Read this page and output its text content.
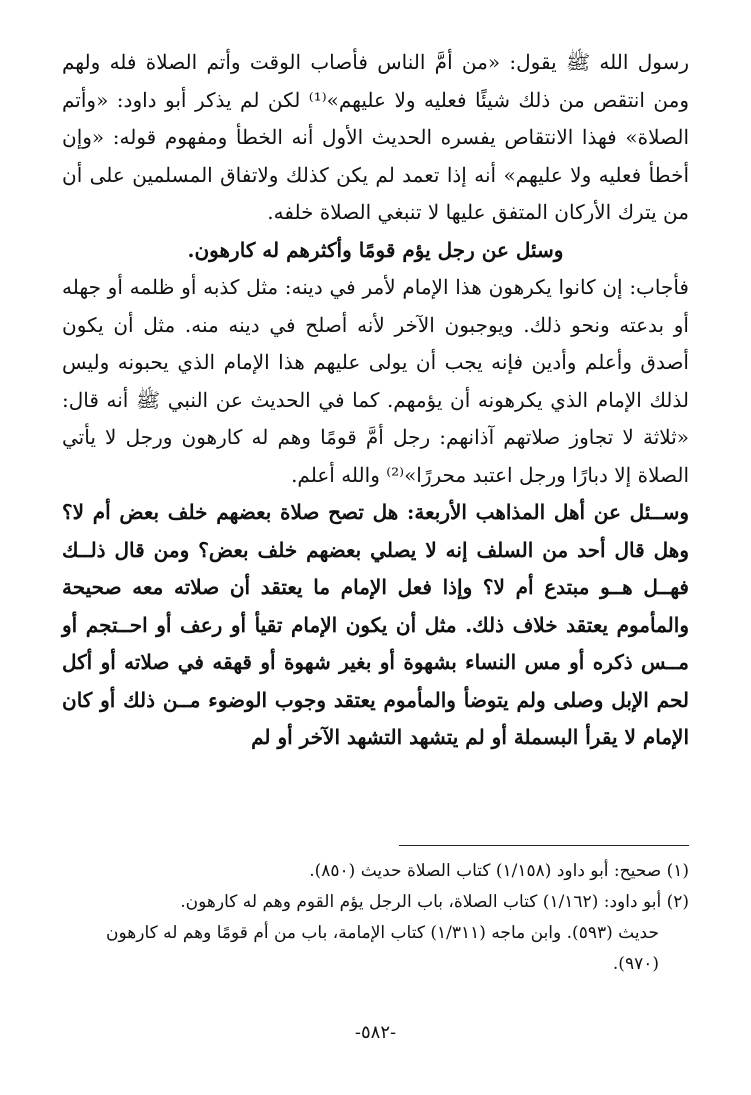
رسول الله ﷺ يقول: «من أمَّ الناس فأصاب الوقت وأتم الصلاة فله ولهم ومن انتقص من ذلك شيئًا فعليه ولا عليهم»⁽¹⁾ لكن لم يذكر أبو داود: «وأتم الصلاة» فهذا الانتقاص يفسره الحديث الأول أنه الخطأ ومفهوم قوله: «وإن أخطأ فعليه ولا عليهم» أنه إذا تعمد لم يكن كذلك ولاتفاق المسلمين على أن من يترك الأركان المتفق عليها لا تنبغي الصلاة خلفه.

وسئل عن رجل يؤم قومًا وأكثرهم له كارهون.

فأجاب: إن كانوا يكرهون هذا الإمام لأمر في دينه: مثل كذبه أو ظلمه أو جهله أو بدعته ونحو ذلك. ويوجبون الآخر لأنه أصلح في دينه منه. مثل أن يكون أصدق وأعلم وأدين فإنه يجب أن يولى عليهم هذا الإمام الذي يحبونه وليس لذلك الإمام الذي يكرهونه أن يؤمهم. كما في الحديث عن النبي ﷺ أنه قال: «ثلاثة لا تجاوز صلاتهم آذانهم: رجل أمَّ قومًا وهم له كارهون ورجل لا يأتي الصلاة إلا دبارًا ورجل اعتبد محررًا»⁽²⁾ والله أعلم.

وســئل عن أهل المذاهب الأربعة: هل تصح صلاة بعضهم خلف بعض أم لا؟ وهل قال أحد من السلف إنه لا يصلي بعضهم خلف بعض؟ ومن قال ذلــك فهــل هــو مبتدع أم لا؟ وإذا فعل الإمام ما يعتقد أن صلاته معه صحيحة والمأموم يعتقد خلاف ذلك. مثل أن يكون الإمام تقيأ أو رعف أو احــتجم أو مــس ذكره أو مس النساء بشهوة أو بغير شهوة أو قهقه في صلاته أو أكل لحم الإبل وصلى ولم يتوضأ والمأموم يعتقد وجوب الوضوء مــن ذلك أو كان الإمام لا يقرأ البسملة أو لم يتشهد التشهد الآخر أو لم

(١) صحيح: أبو داود (١/١٥٨) كتاب الصلاة حديث (٨٥٠).

(٢) أبو داود: (١/١٦٢) كتاب الصلاة، باب الرجل يؤم القوم وهم له كارهون.

حديث (٥٩٣). وابن ماجه (١/٣١١) كتاب الإمامة، باب من أم قومًا وهم له كارهون (٩٧٠).

-٥٨٢-
